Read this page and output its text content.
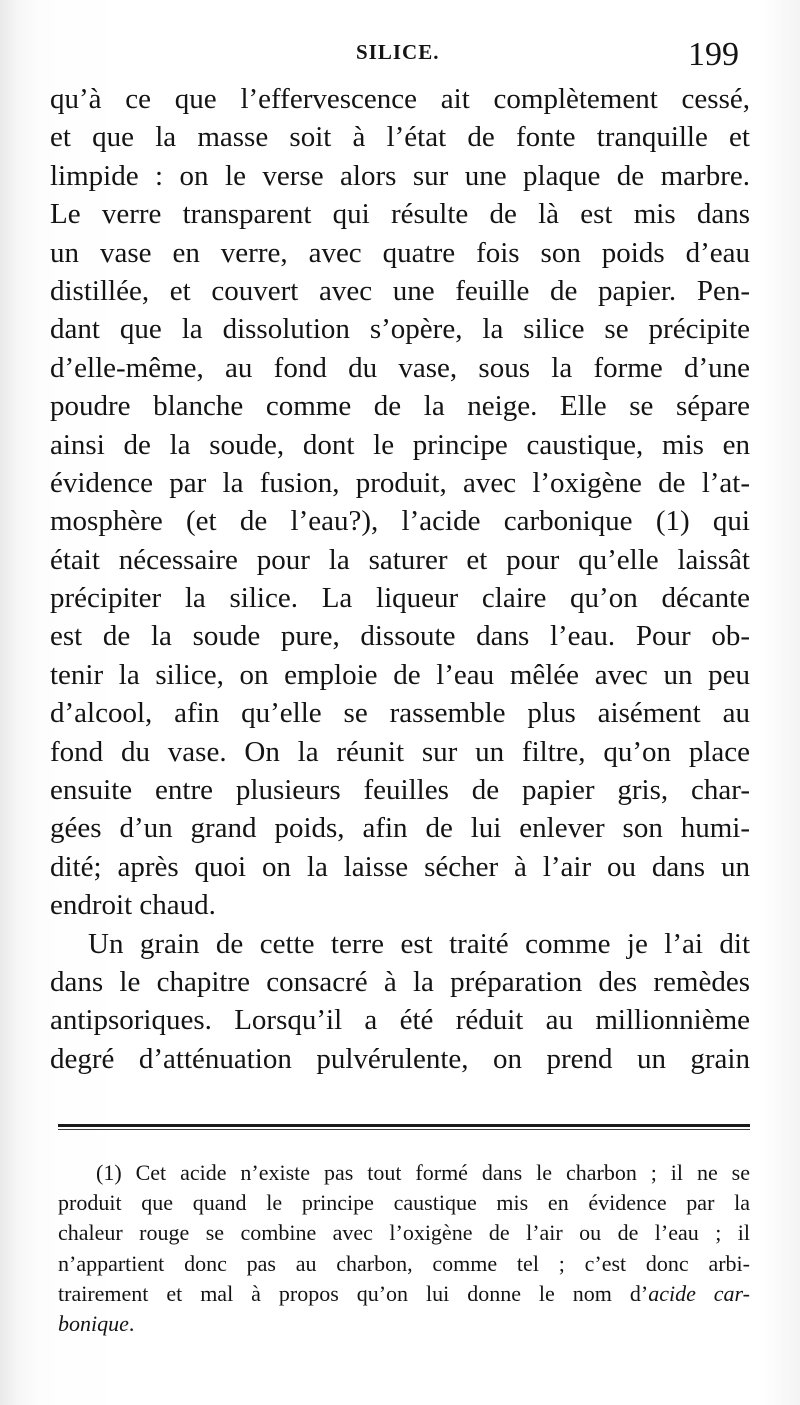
SILICE.	199
qu’à ce que l’effervescence ait complètement cessé,
et que la masse soit à l’état de fonte tranquille et
limpide : on le verse alors sur une plaque de marbre.
Le verre transparent qui résulte de là est mis dans
un vase en verre, avec quatre fois son poids d’eau
distillée, et couvert avec une feuille de papier. Pen-
dant que la dissolution s’opère, la silice se précipite
d’elle-même, au fond du vase, sous la forme d’une
poudre blanche comme de la neige. Elle se sépare
ainsi de la soude, dont le principe caustique, mis en
évidence par la fusion, produit, avec l’oxigène de l’at-
mosphère (et de l’eau?), l’acide carbonique (1) qui
était nécessaire pour la saturer et pour qu’elle laissât
précipiter la silice. La liqueur claire qu’on décante
est de la soude pure, dissoute dans l’eau. Pour ob-
tenir la silice, on emploie de l’eau mêlée avec un peu
d’alcool, afin qu’elle se rassemble plus aisément au
fond du vase. On la réunit sur un filtre, qu’on place
ensuite entre plusieurs feuilles de papier gris, char-
gées d’un grand poids, afin de lui enlever son humi-
dité; après quoi on la laisse sécher à l’air ou dans un
endroit chaud.
Un grain de cette terre est traité comme je l’ai dit
dans le chapitre consacré à la préparation des remèdes
antipsoriques. Lorsqu’il a été réduit au millionnième
degré d’atténuation pulvérulente, on prend un grain
(1) Cet acide n’existe pas tout formé dans le charbon ; il ne se
produit que quand le principe caustique mis en évidence par la
chaleur rouge se combine avec l’oxigène de l’air ou de l’eau ; il
n’appartient donc pas au charbon, comme tel ; c’est donc arbi-
trairement et mal à propos qu’on lui donne le nom d’acide car-
bonique.
